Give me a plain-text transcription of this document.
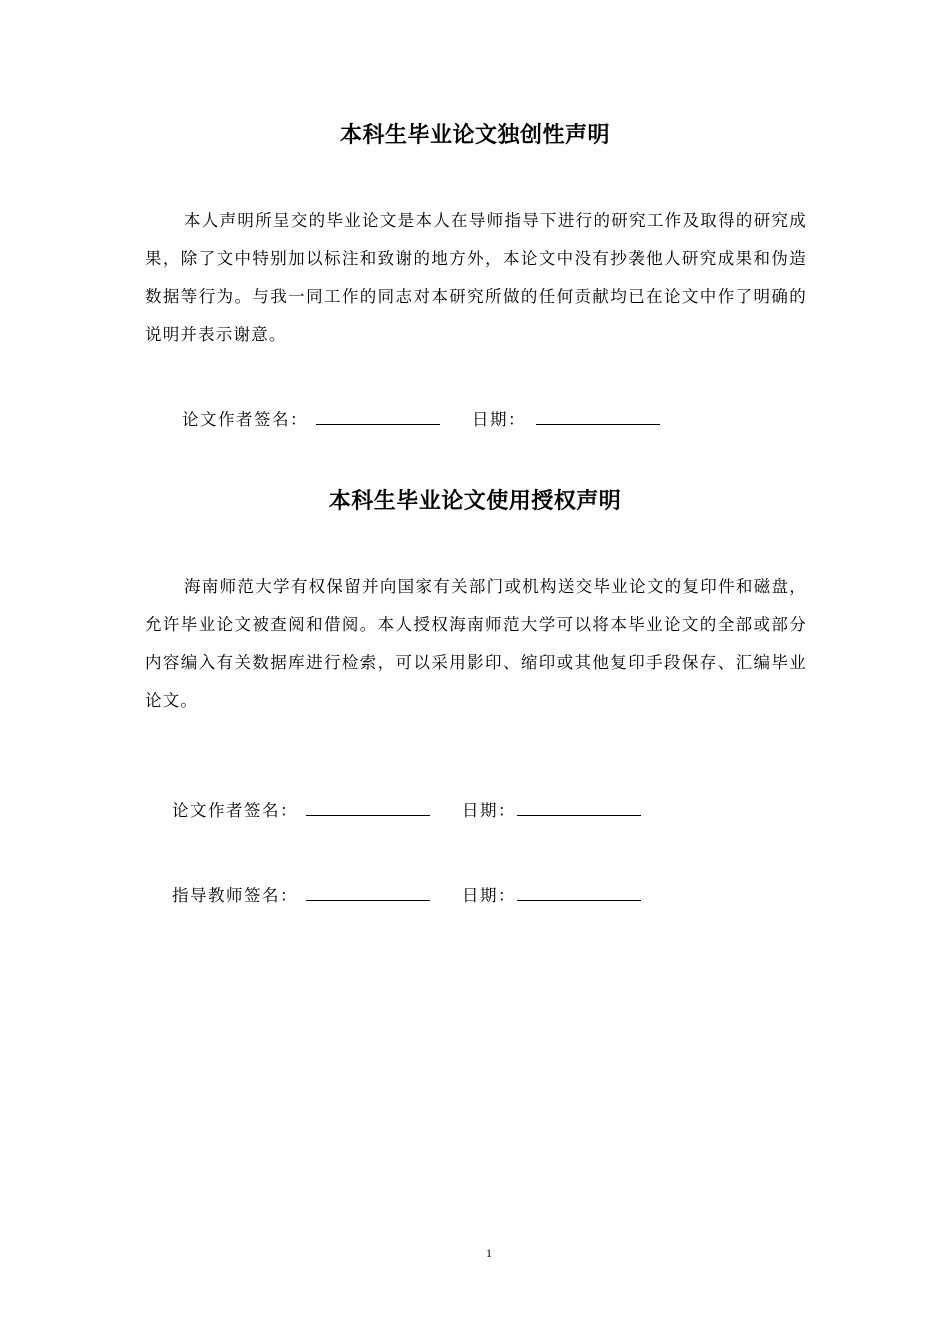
本科生毕业论文独创性声明
本人声明所呈交的毕业论文是本人在导师指导下进行的研究工作及取得的研究成果，除了文中特别加以标注和致谢的地方外，本论文中没有抄袭他人研究成果和伪造数据等行为。与我一同工作的同志对本研究所做的任何贡献均已在论文中作了明确的说明并表示谢意。
论文作者签名：	日期：
本科生毕业论文使用授权声明
海南师范大学有权保留并向国家有关部门或机构送交毕业论文的复印件和磁盘，允许毕业论文被查阅和借阅。本人授权海南师范大学可以将本毕业论文的全部或部分内容编入有关数据库进行检索，可以采用影印、缩印或其他复印手段保存、汇编毕业论文。
论文作者签名：	日期：
指导教师签名：	日期：
1
